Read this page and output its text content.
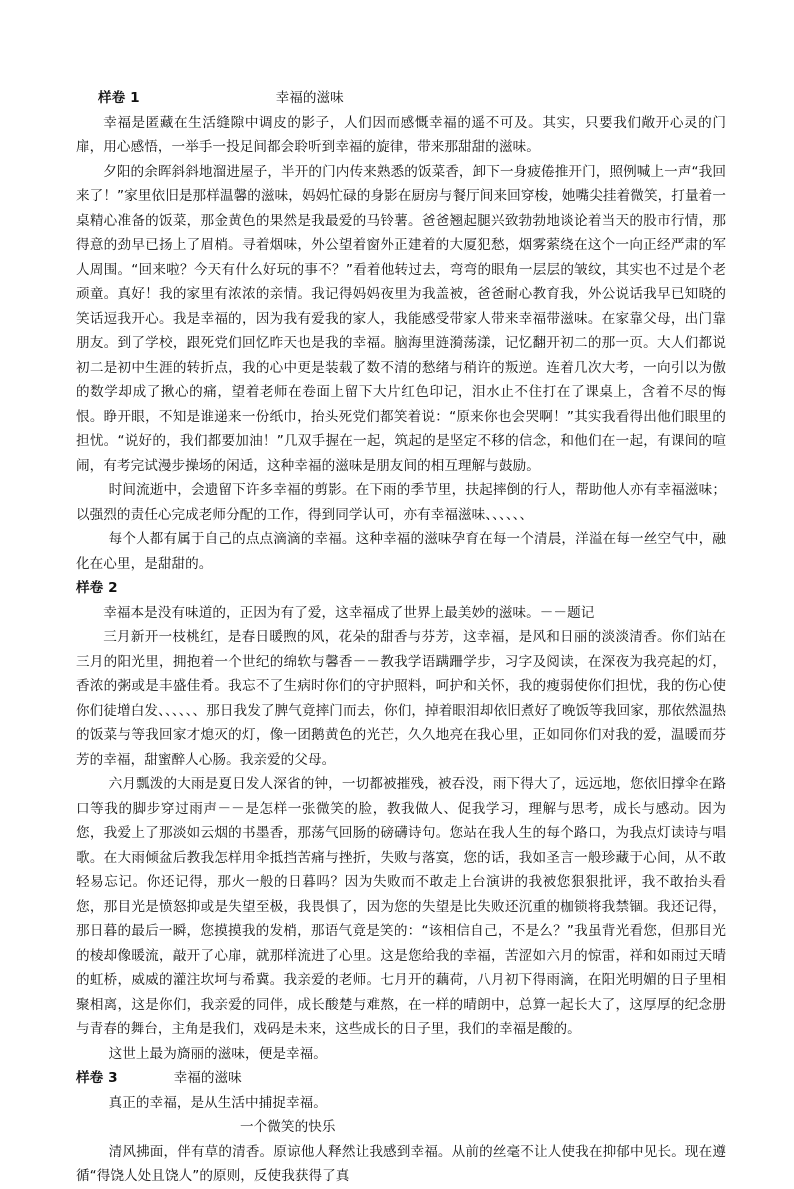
样卷 1	幸福的滋味

幸福是匿藏在生活缝隙中调皮的影子，人们因而感慨幸福的遥不可及。其实，只要我们敞开心灵的门扉，用心感悟，一举手一投足间都会聆听到幸福的旋律，带来那甜甜的滋味。

夕阳的余晖斜斜地溜进屋子，半开的门内传来熟悉的饭菜香，卸下一身疲倦推开门，照例喊上一声“我回来了！”家里依旧是那样温馨的滋味，妈妈忙碌的身影在厨房与餐厅间来回穿梭，她嘴尖挂着微笑，打量着一桌精心准备的饭菜，那金黄色的果然是我最爱的马铃薯。爸爸翘起腿兴致勃勃地谈论着当天的股市行情，那得意的劲早已扬上了眉梢。寻着烟味，外公望着窗外正建着的大厦犯愁，烟雾萦绕在这个一向正经严肃的军人周围。“回来啦？今天有什么好玩的事不？”看着他转过去，弯弯的眼角一层层的皱纹，其实也不过是个老顽童。真好！我的家里有浓浓的亲情。我记得妈妈夜里为我盖被，爸爸耐心教育我，外公说话我早已知晓的笑话逗我开心。我是幸福的，因为我有爱我的家人，我能感受带家人带来幸福带滋味。在家靠父母，出门靠朋友。到了学校，跟死党们回忆昨天也是我的幸福。脑海里涟漪荡漾，记忆翻开初二的那一页。大人们都说初二是初中生涯的转折点，我的心中更是装载了数不清的愁绪与稍许的叛逆。连着几次大考，一向引以为傲的数学却成了揪心的痛，望着老师在卷面上留下大片红色印记，泪水止不住打在了课桌上，含着不尽的悔恨。睁开眼，不知是谁递来一份纸巾，抬头死党们都笑着说：“原来你也会哭啊！”其实我看得出他们眼里的担忧。“说好的，我们都要加油！”几双手握在一起，筑起的是坚定不移的信念，和他们在一起，有课间的喧闹，有考完试漫步操场的闲适，这种幸福的滋味是朋友间的相互理解与鼓励。

时间流逝中，会遗留下许多幸福的剪影。在下雨的季节里，扶起摔倒的行人，帮助他人亦有幸福滋味；以强烈的责任心完成老师分配的工作，得到同学认可，亦有幸福滋味、、、、、、

每个人都有属于自己的点点滴滴的幸福。这种幸福的滋味孕育在每一个清晨，洋溢在每一丝空气中，融化在心里，是甜甜的。

样卷 2

幸福本是没有味道的，正因为有了爱，这幸福成了世界上最美妙的滋味。－－题记

三月新开一枝桃红，是春日暖煦的风，花朵的甜香与芬芳，这幸福，是风和日丽的淡淡清香。你们站在三月的阳光里，拥抱着一个世纪的绵软与馨香－－教我学语蹒跚学步，习字及阅读，在深夜为我亮起的灯，香浓的粥或是丰盛佳肴。我忘不了生病时你们的守护照料，呵护和关怀，我的瘦弱使你们担忧，我的伤心使你们徒增白发、、、、、、那日我发了脾气竟摔门而去，你们，掉着眼泪却依旧煮好了晚饭等我回家，那依然温热的饭菜与等我回家才熄灭的灯，像一团鹅黄色的光芒，久久地亮在我心里，正如同你们对我的爱，温暖而芬芳的幸福，甜蜜醉人心肠。我亲爱的父母。

六月瓢泼的大雨是夏日发人深省的钟，一切都被摧残，被吞没，雨下得大了，远远地，您依旧撑伞在路口等我的脚步穿过雨声－－是怎样一张微笑的脸，教我做人、促我学习，理解与思考，成长与感动。因为您，我爱上了那淡如云烟的书墨香，那荡气回肠的磅礴诗句。您站在我人生的每个路口，为我点灯读诗与唱歌。在大雨倾盆后教我怎样用伞抵挡苦痛与挫折，失败与落寞，您的话，我如圣言一般珍藏于心间，从不敢轻易忘记。你还记得，那火一般的日暮吗？因为失败而不敢走上台演讲的我被您狠狠批评，我不敢抬头看您，那目光是愤怒抑或是失望至极，我畏惧了，因为您的失望是比失败还沉重的枷锁将我禁锢。我还记得，那日暮的最后一瞬，您摸摸我的发梢，那语气竟是笑的：“该相信自己，不是么？”我虽背光看您，但那目光的棱却像暖流，敲开了心扉，就那样流进了心里。这是您给我的幸福，苦涩如六月的惊雷，祥和如雨过天晴的虹桥，威威的灌注坎坷与希冀。我亲爱的老师。七月开的藕荷，八月初下得雨滴，在阳光明媚的日子里相聚相离，这是你们，我亲爱的同伴，成长酸楚与难熬，在一样的晴朗中，总算一起长大了，这厚厚的纪念册与青春的舞台，主角是我们，戏码是未来，这些成长的日子里，我们的幸福是酸的。

这世上最为旖丽的滋味，便是幸福。

样卷 3	幸福的滋味

真正的幸福，是从生活中捕捉幸福。

一个微笑的快乐

清风拂面，伴有草的清香。原谅他人释然让我感到幸福。从前的丝毫不让人使我在抑郁中见长。现在遵循“得饶人处且饶人”的原则，反使我获得了真
